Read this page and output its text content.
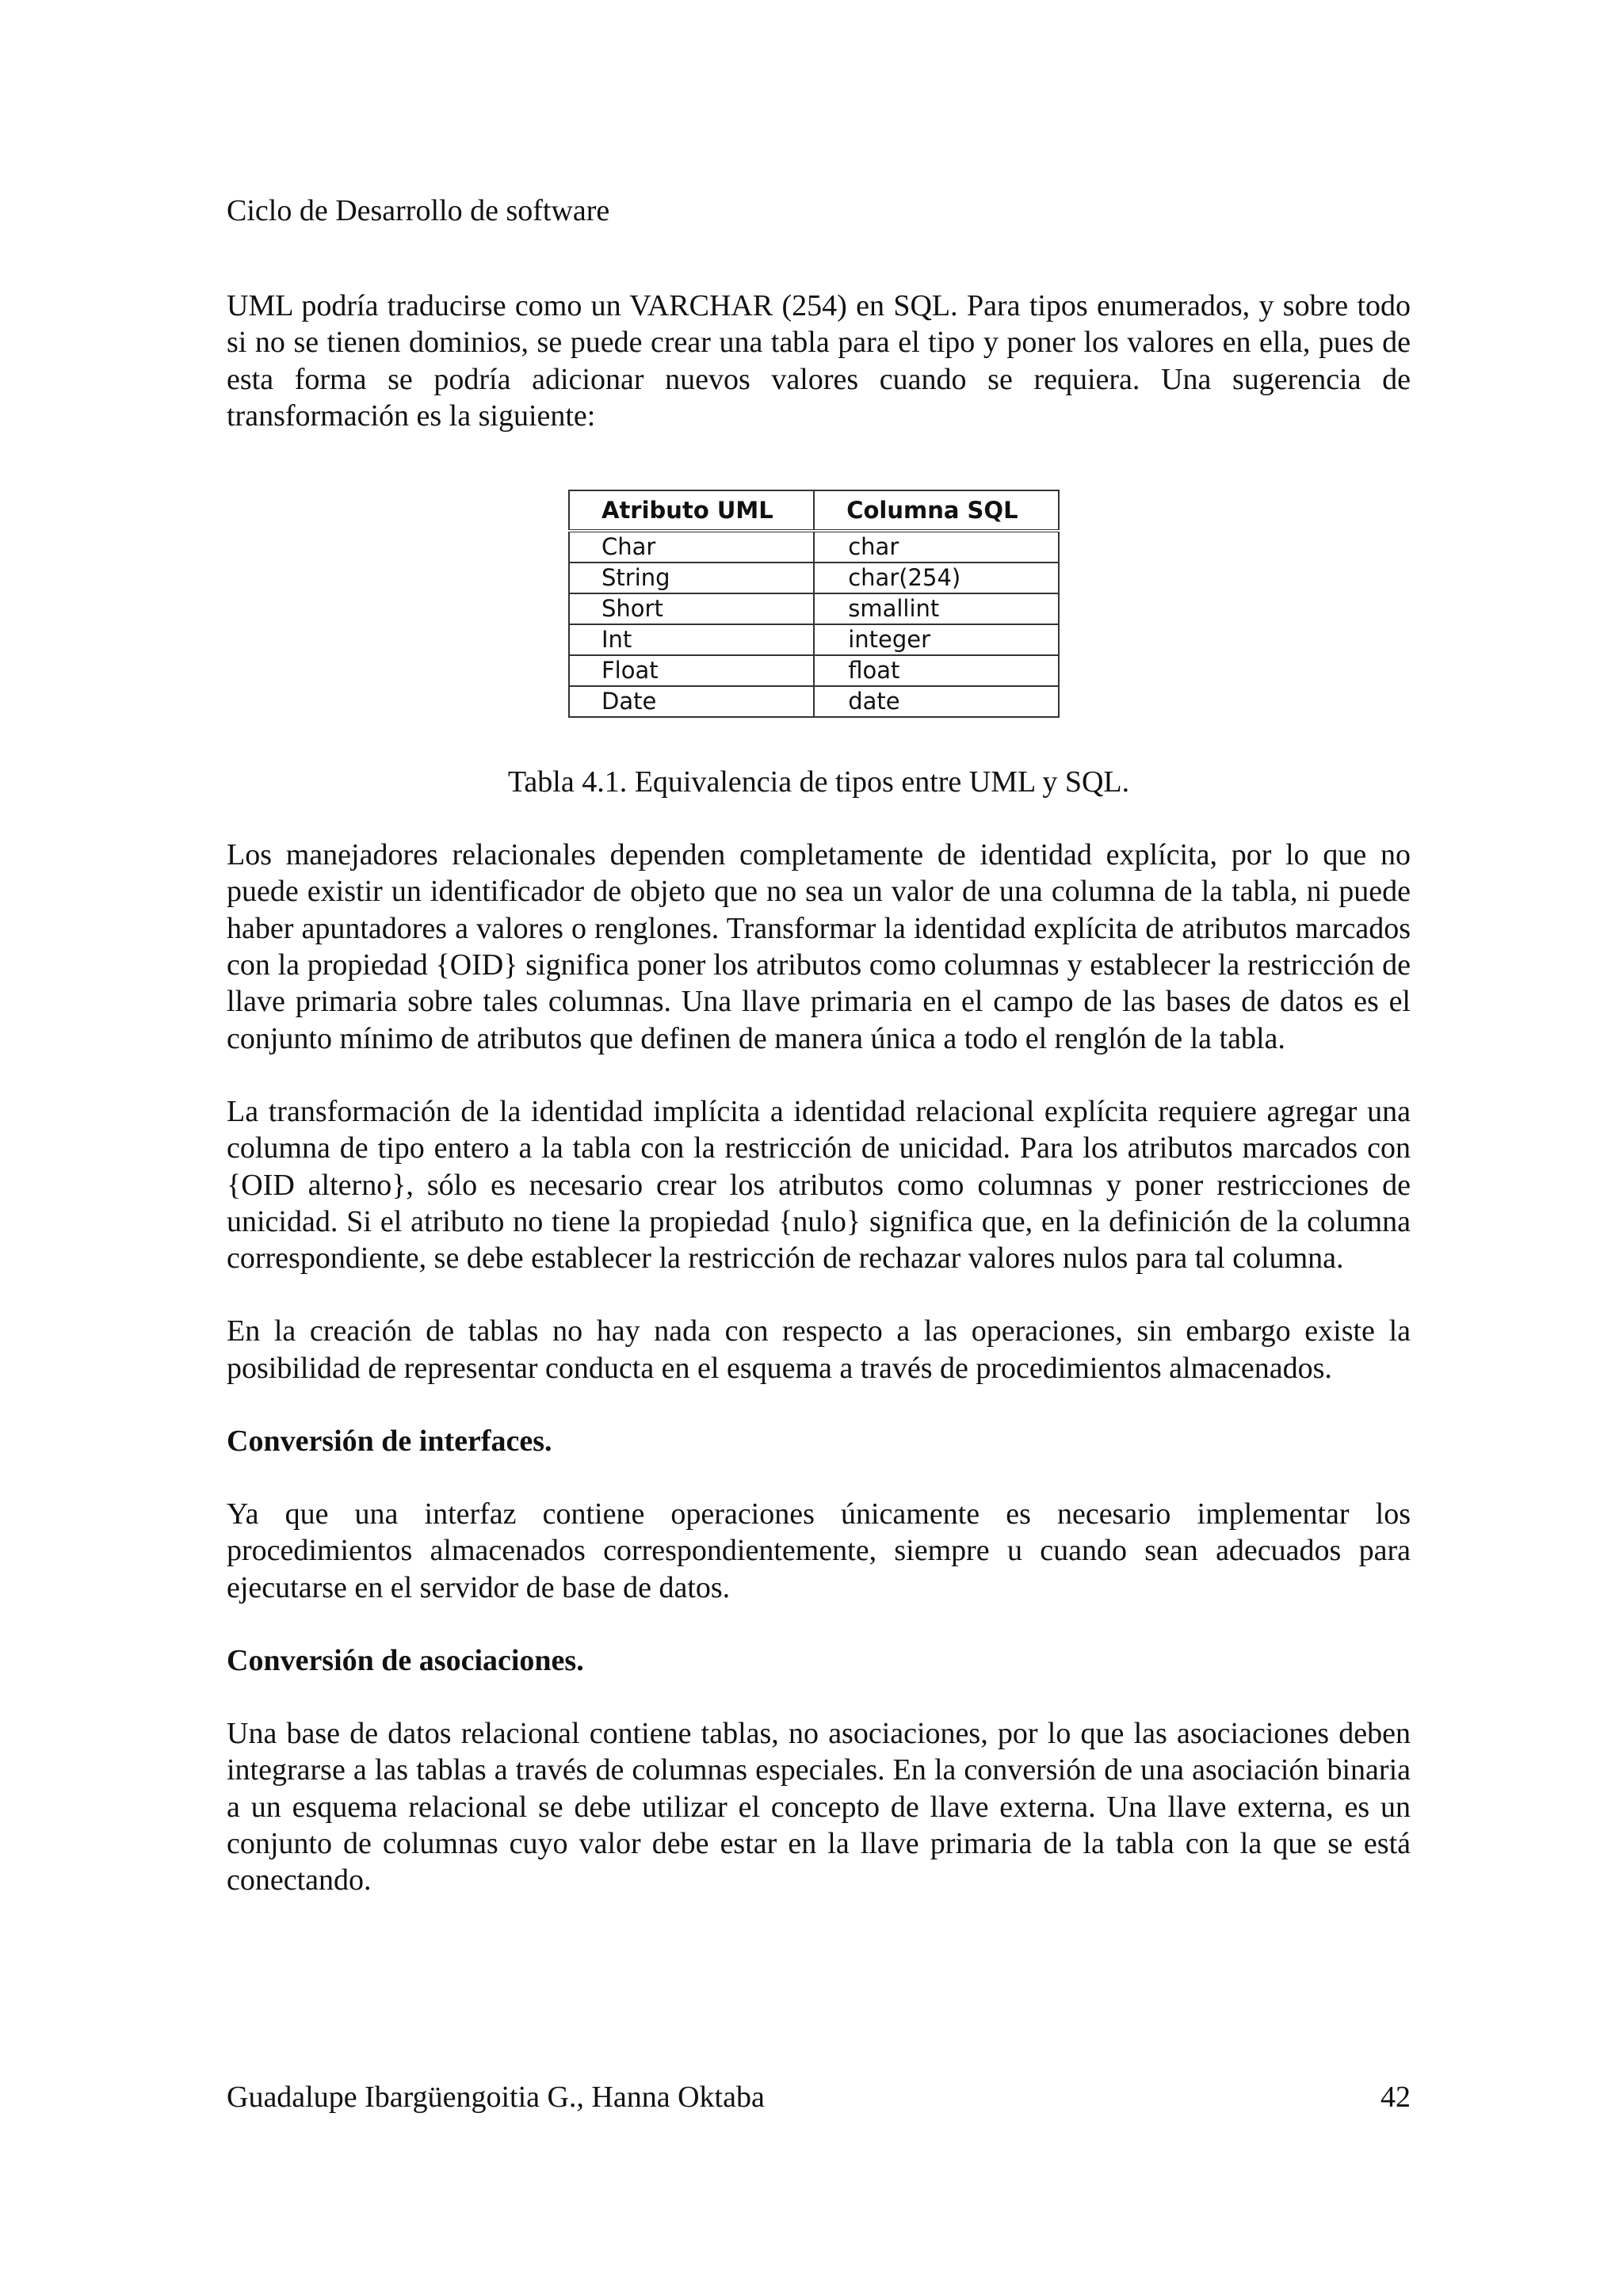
Ciclo de Desarrollo de software

UML podría traducirse como un VARCHAR (254) en SQL. Para tipos enumerados, y sobre todo si no se tienen dominios, se puede crear una tabla para el tipo y poner los valores en ella, pues de esta forma se podría adicionar nuevos valores cuando se requiera. Una sugerencia de transformación es la siguiente:

Atributo UML	Columna SQL
Char	char
String	char(254)
Short	smallint
Int	integer
Float	float
Date	date
Tabla 4.1. Equivalencia de tipos entre UML y SQL.

Los manejadores relacionales dependen completamente de identidad explícita, por lo que no puede existir un identificador de objeto que no sea un valor de una columna de la tabla, ni puede haber apuntadores a valores o renglones. Transformar la identidad explícita de atributos marcados con la propiedad {OID} significa poner los atributos como columnas y establecer la restricción de llave primaria sobre tales columnas. Una llave primaria en el campo de las bases de datos es el conjunto mínimo de atributos que definen de manera única a todo el renglón de la tabla.

La transformación de la identidad implícita a identidad relacional explícita requiere agregar una columna de tipo entero a la tabla con la restricción de unicidad. Para los atributos marcados con {OID alterno}, sólo es necesario crear los atributos como columnas y poner restricciones de unicidad. Si el atributo no tiene la propiedad {nulo} significa que, en la definición de la columna correspondiente, se debe establecer la restricción de rechazar valores nulos para tal columna.

En la creación de tablas no hay nada con respecto a las operaciones, sin embargo existe la posibilidad de representar conducta en el esquema a través de procedimientos almacenados.

Conversión de interfaces.

Ya que una interfaz contiene operaciones únicamente es necesario implementar los procedimientos almacenados correspondientemente, siempre u cuando sean adecuados para ejecutarse en el servidor de base de datos.

Conversión de asociaciones.

Una base de datos relacional contiene tablas, no asociaciones, por lo que las asociaciones deben integrarse a las tablas a través de columnas especiales. En la conversión de una asociación binaria a un esquema relacional se debe utilizar el concepto de llave externa. Una llave externa, es un conjunto de columnas cuyo valor debe estar en la llave primaria de la tabla con la que se está conectando.

Guadalupe Ibargüengoitia G., Hanna Oktaba	42
